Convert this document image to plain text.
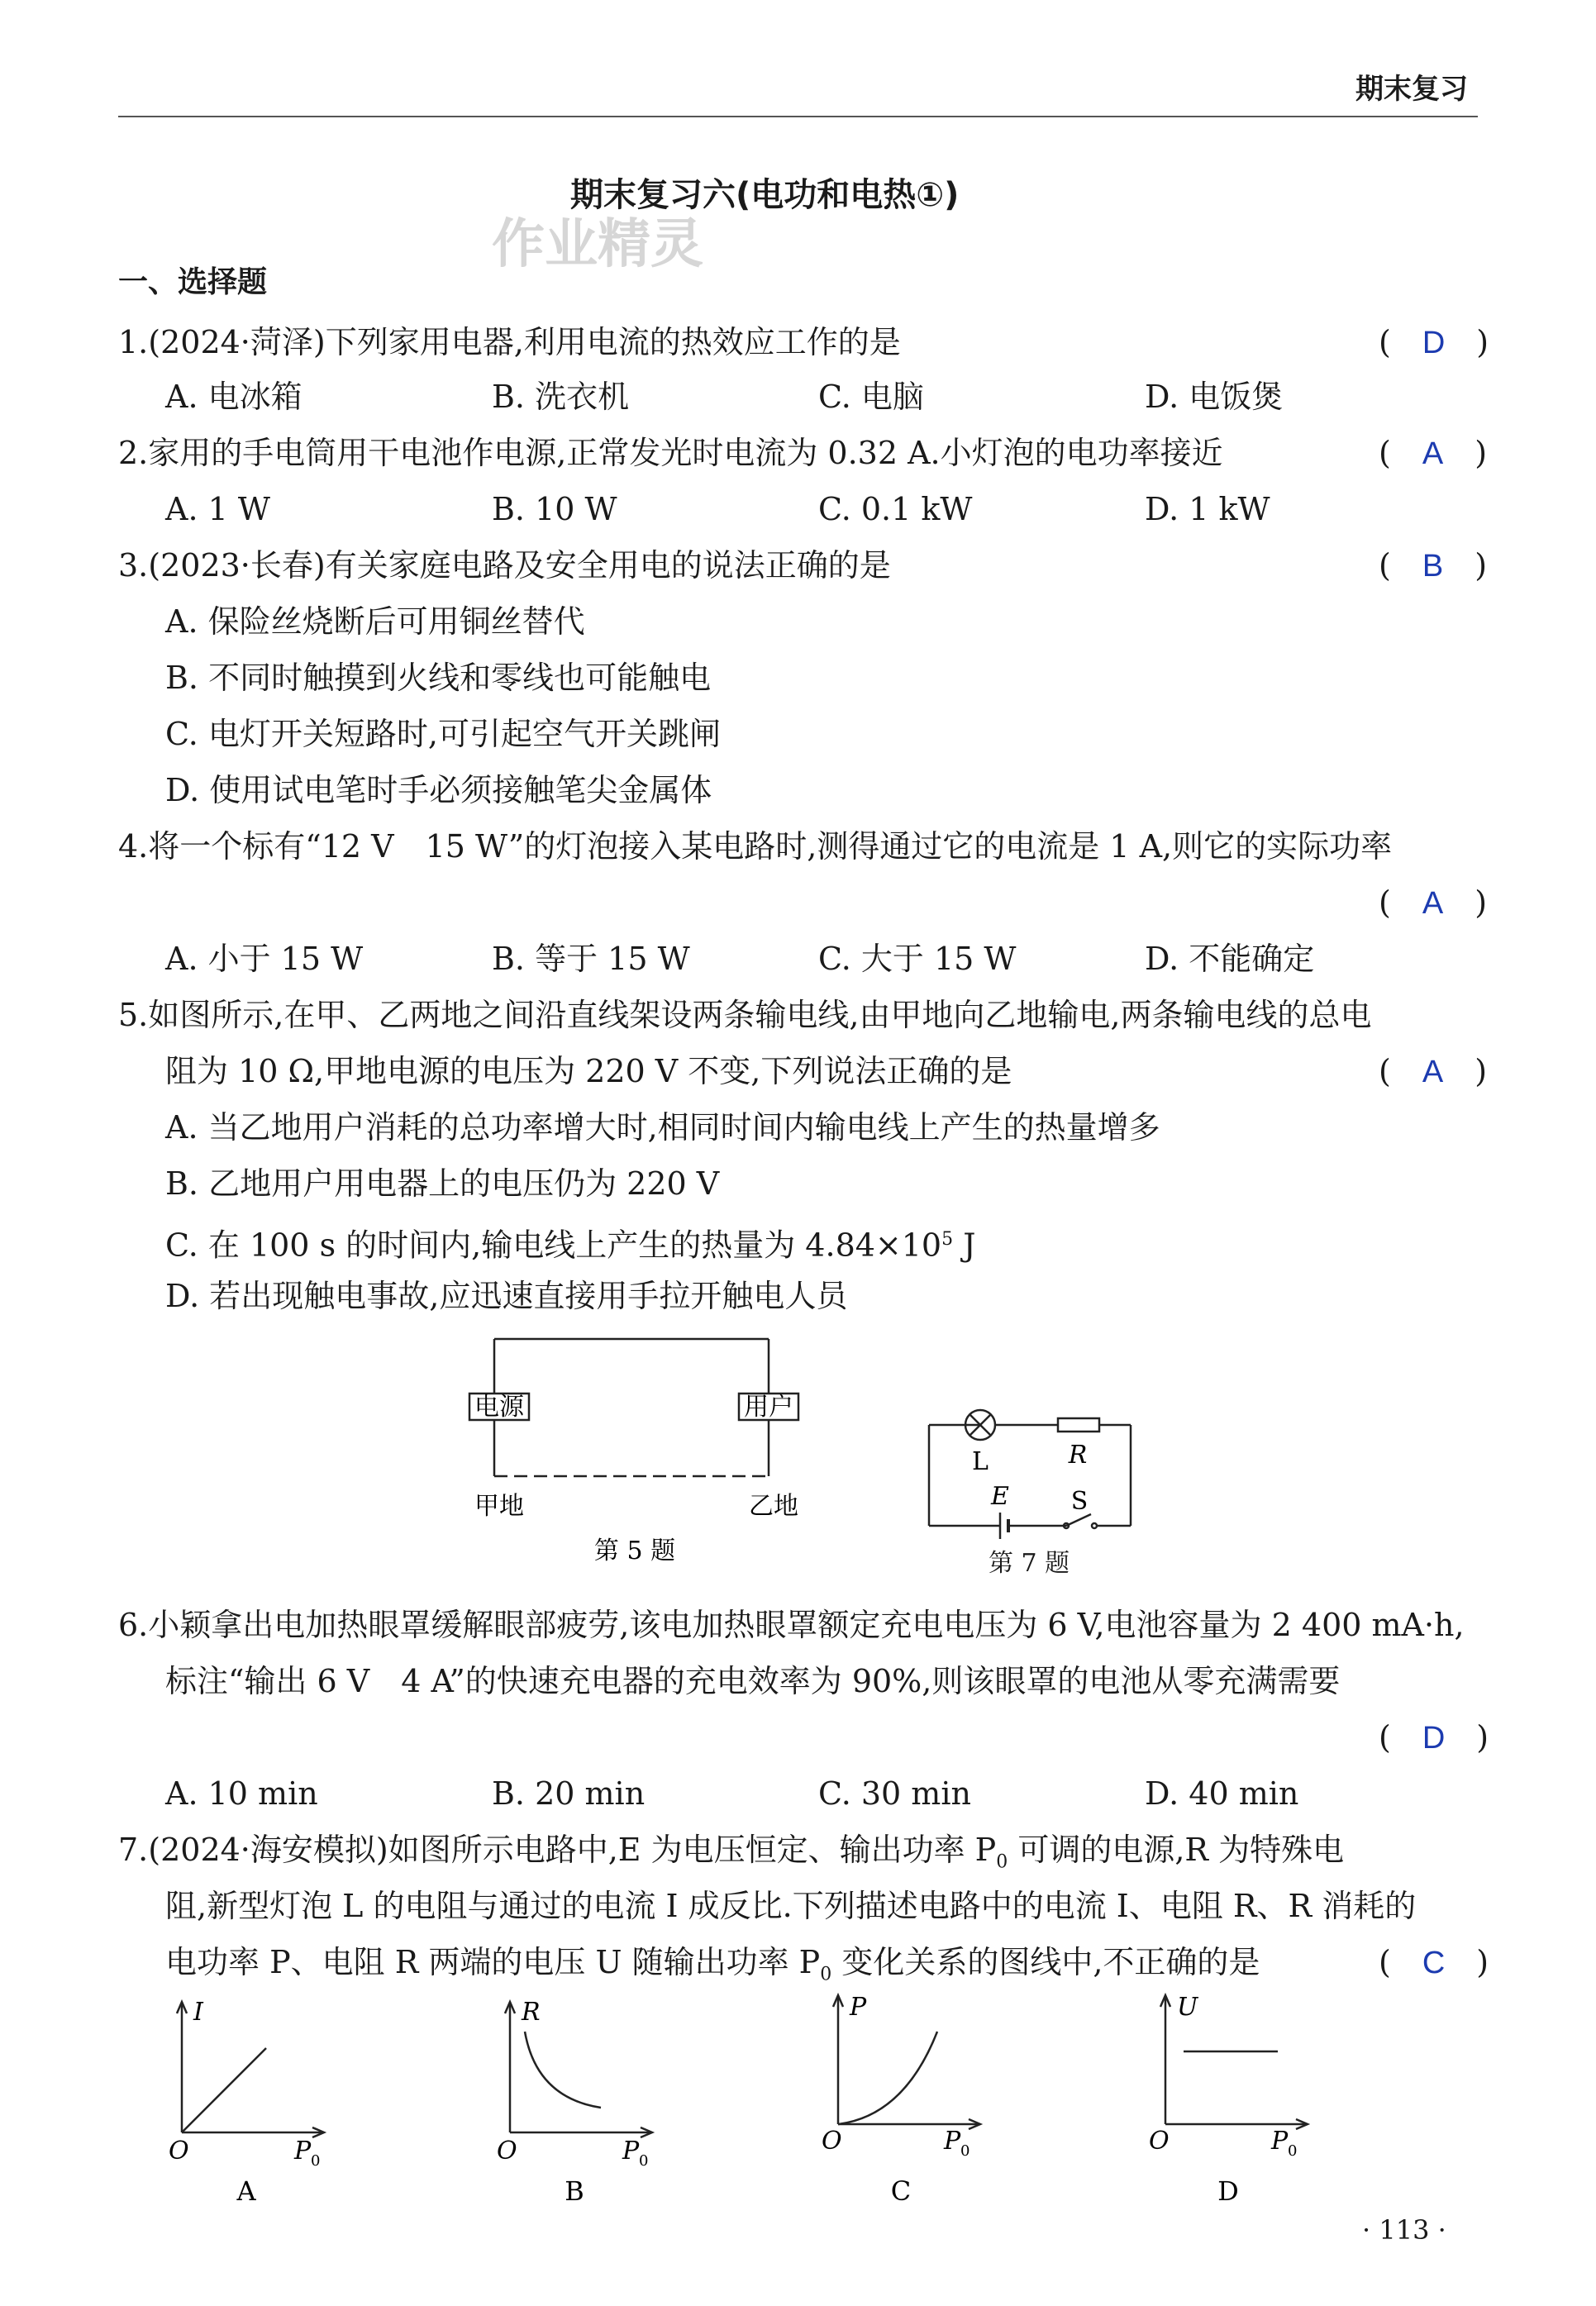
期末复习
期末复习六(电功和电热①)
作业精灵
一、选择题
1.(2024·菏泽)下列家用电器,利用电流的热效应工作的是	(　D　)
A. 电冰箱	B. 洗衣机	C. 电脑	D. 电饭煲
2.家用的手电筒用干电池作电源,正常发光时电流为 0.32 A.小灯泡的电功率接近	(　A　)
A. 1 W	B. 10 W	C. 0.1 kW	D. 1 kW
3.(2023·长春)有关家庭电路及安全用电的说法正确的是	(　B　)
A. 保险丝烧断后可用铜丝替代
B. 不同时触摸到火线和零线也可能触电
C. 电灯开关短路时,可引起空气开关跳闸
D. 使用试电笔时手必须接触笔尖金属体
4.将一个标有“12 V　15 W”的灯泡接入某电路时,测得通过它的电流是 1 A,则它的实际功率
(　A　)
A. 小于 15 W	B. 等于 15 W	C. 大于 15 W	D. 不能确定
5.如图所示,在甲、乙两地之间沿直线架设两条输电线,由甲地向乙地输电,两条输电线的总电
阻为 10 Ω,甲地电源的电压为 220 V 不变,下列说法正确的是	(　A　)
A. 当乙地用户消耗的总功率增大时,相同时间内输电线上产生的热量增多
B. 乙地用户用电器上的电压仍为 220 V
C. 在 100 s 的时间内,输电线上产生的热量为 $4.84\times 10^5$ J
D. 若出现触电事故,应迅速直接用手拉开触电人员
电源	用户
甲地	乙地
第 5 题
L	R
E S
第 7 题
6.小颖拿出电加热眼罩缓解眼部疲劳,该电加热眼罩额定充电电压为 6 V,电池容量为 2 400 mA·h,
标注“输出 6 V　4 A”的快速充电器的充电效率为 90%,则该眼罩的电池从零充满需要
(　D　)
A. 10 min	B. 20 min	C. 30 min	D. 40 min
7.(2024·海安模拟)如图所示电路中,E 为电压恒定、输出功率 $P_0$ 可调的电源,R 为特殊电
阻,新型灯泡 L 的电阻与通过的电流 I 成反比.下列描述电路中的电流 I、电阻 R、R 消耗的
电功率 P、电阻 R 两端的电压 U 随输出功率 $P_0$ 变化关系的图线中,不正确的是	(　C　)
I
O	P 0
A
R
O	P 0
B
P
O	P 0
C
U
O	P 0
D
· 113 ·
